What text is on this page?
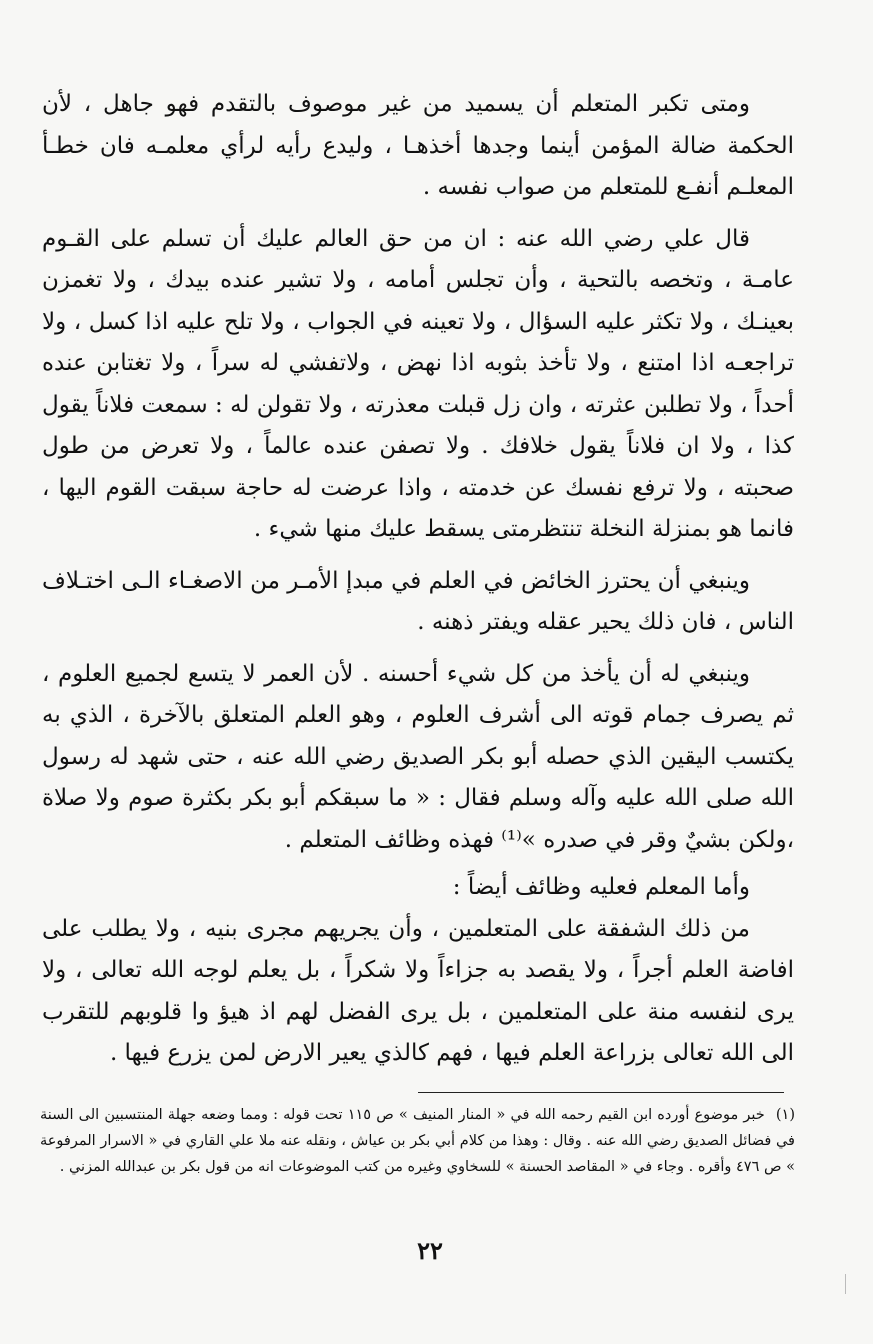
ومتى تكبر المتعلم أن يسميد من غير موصوف بالتقدم فهو جاهل ، لأن الحكمة ضالة المؤمن أينما وجدها أخذهـا ، وليدع رأيه لرأي معلمـه فان خطـأ المعلـم أنفـع للمتعلم من صواب نفسه .

قال علي رضي الله عنه : ان من حق العالم عليك أن تسلم على القـوم عامـة ، وتخصه بالتحية ، وأن تجلس أمامه ، ولا تشير عنده بيدك ، ولا تغمزن بعينـك ، ولا تكثر عليه السؤال ، ولا تعينه في الجواب ، ولا تلح عليه اذا كسل ، ولا تراجعـه اذا امتنع ، ولا تأخذ بثوبه اذا نهض ، ولاتفشي له سراً ، ولا تغتابن عنده أحداً ، ولا تطلبن عثرته ، وان زل قبلت معذرته ، ولا تقولن له : سمعت فلاناً يقول كذا ، ولا ان فلاناً يقول خلافك . ولا تصفن عنده عالماً ، ولا تعرض من طول صحبته ، ولا ترفع نفسك عن خدمته ، واذا عرضت له حاجة سبقت القوم اليها ، فانما هو بمنزلة النخلة تنتظرمتى يسقط عليك منها شيء .

وينبغي أن يحترز الخائض في العلم في مبدإ الأمـر من الاصغـاء الـى اختـلاف الناس ، فان ذلك يحير عقله ويفتر ذهنه .

وينبغي له أن يأخذ من كل شيء أحسنه . لأن العمر لا يتسع لجميع العلوم ، ثم يصرف جمام قوته الى أشرف العلوم ، وهو العلم المتعلق بالآخرة ، الذي به يكتسب اليقين الذي حصله أبو بكر الصديق رضي الله عنه ، حتى شهد له رسول الله صلى الله عليه وآله وسلم فقال : « ما سبقكم أبو بكر بكثرة صوم ولا صلاة ،ولكن بشيٌ وقر في صدره »⁽¹⁾ فهذه وظائف المتعلم .

وأما المعلم فعليه وظائف أيضاً :

من ذلك الشفقة على المتعلمين ، وأن يجريهم مجرى بنيه ، ولا يطلب على افاضة العلم أجراً ، ولا يقصد به جزاءاً ولا شكراً ، بل يعلم لوجه الله تعالى ، ولا يرى لنفسه منة على المتعلمين ، بل يرى الفضل لهم اذ هيؤ وا قلوبهم للتقرب الى الله تعالى بزراعة العلم فيها ، فهم كالذي يعير الارض لمن يزرع فيها .

(١) خبر موضوع أورده ابن القيم رحمه الله في « المنار المنيف » ص ١١٥ تحت قوله : ومما وضعه جهلة المنتسبين الى السنة في فضائل الصديق رضي الله عنه . وقال : وهذا من كلام أبي بكر بن عياش ، ونقله عنه ملا علي القاري في « الاسرار المرفوعة » ص ٤٧٦ وأقره . وجاء في « المقاصد الحسنة » للسخاوي وغيره من كتب الموضوعات انه من قول بكر بن عبدالله المزني .
٢٢
